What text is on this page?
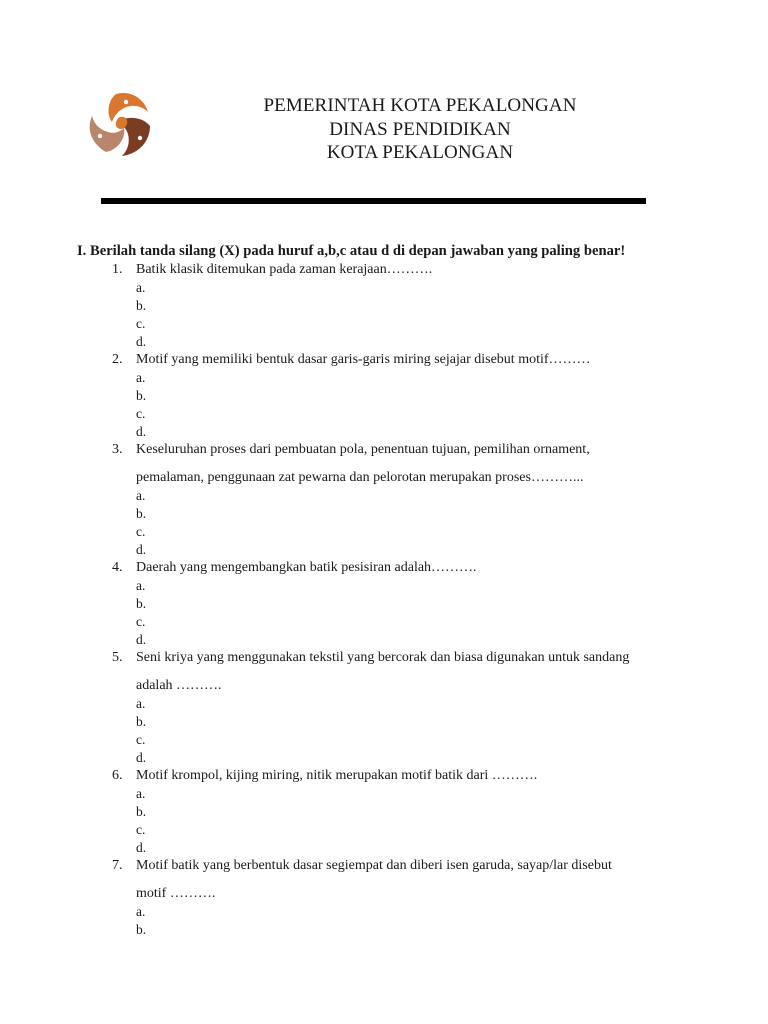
PEMERINTAH KOTA PEKALONGAN
DINAS PENDIDIKAN
KOTA PEKALONGAN
I. Berilah tanda silang (X) pada huruf a,b,c atau d di depan jawaban yang paling benar!
1. Batik klasik ditemukan pada zaman kerajaan……….
a.
b.
c.
d.
2. Motif yang memiliki bentuk dasar garis-garis miring sejajar disebut motif………
a.
b.
c.
d.
3. Keseluruhan proses dari pembuatan pola, penentuan tujuan, pemilihan ornament,
pemalaman, penggunaan zat pewarna dan pelorotan merupakan proses………...
a.
b.
c.
d.
4. Daerah yang mengembangkan batik pesisiran adalah……….
a.
b.
c.
d.
5. Seni kriya yang menggunakan tekstil yang bercorak dan biasa digunakan untuk sandang
adalah ……….
a.
b.
c.
d.
6. Motif krompol, kijing miring, nitik merupakan motif batik dari ……….
a.
b.
c.
d.
7. Motif batik yang berbentuk dasar segiempat dan diberi isen garuda, sayap/lar disebut
motif ……….
a.
b.
